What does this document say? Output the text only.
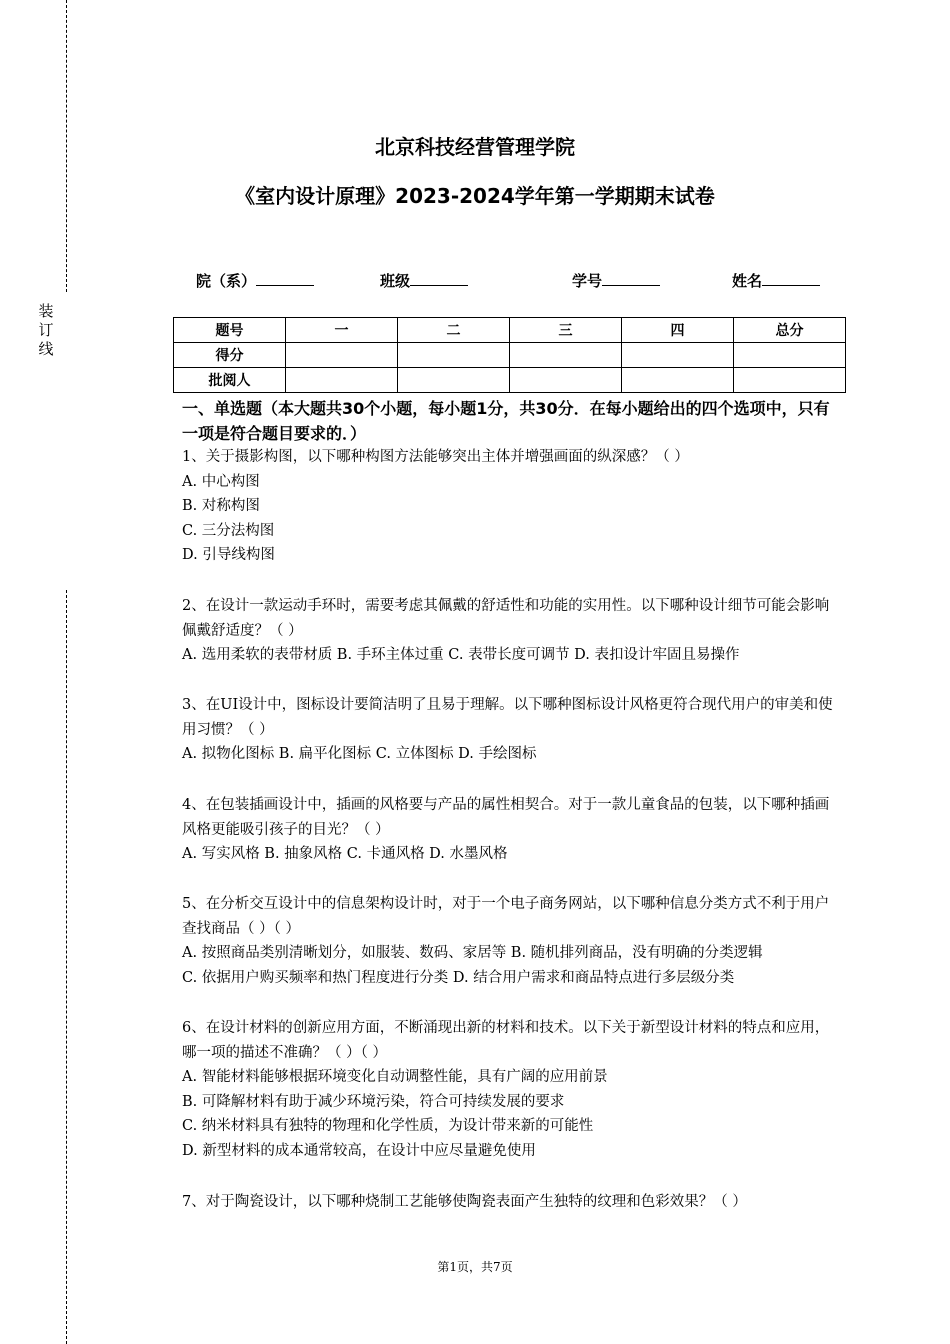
装
订
线
北京科技经营管理学院
《室内设计原理》2023-2024学年第一学期期末试卷
院（系）	班级	学号	姓名
题号	一	二	三	四	总分
得分					
批阅人					
一、单选题（本大题共30个小题，每小题1分，共30分．在每小题给出的四个选项中，只有一项是符合题目要求的．）

1、关于摄影构图，以下哪种构图方法能够突出主体并增强画面的纵深感？（ ）

A. 中心构图

B. 对称构图

C. 三分法构图

D. 引导线构图

2、在设计一款运动手环时，需要考虑其佩戴的舒适性和功能的实用性。以下哪种设计细节可能会影响佩戴舒适度？（ ）

A. 选用柔软的表带材质 B. 手环主体过重 C. 表带长度可调节 D. 表扣设计牢固且易操作

3、在UI设计中，图标设计要简洁明了且易于理解。以下哪种图标设计风格更符合现代用户的审美和使用习惯？（ ）

A. 拟物化图标 B. 扁平化图标 C. 立体图标 D. 手绘图标

4、在包装插画设计中，插画的风格要与产品的属性相契合。对于一款儿童食品的包装，以下哪种插画风格更能吸引孩子的目光？（ ）

A. 写实风格 B. 抽象风格 C. 卡通风格 D. 水墨风格

5、在分析交互设计中的信息架构设计时，对于一个电子商务网站，以下哪种信息分类方式不利于用户查找商品（ ）（ ）

A. 按照商品类别清晰划分，如服装、数码、家居等 B. 随机排列商品，没有明确的分类逻辑

C. 依据用户购买频率和热门程度进行分类 D. 结合用户需求和商品特点进行多层级分类

6、在设计材料的创新应用方面，不断涌现出新的材料和技术。以下关于新型设计材料的特点和应用，哪一项的描述不准确？（ ）（ ）

A. 智能材料能够根据环境变化自动调整性能，具有广阔的应用前景

B. 可降解材料有助于减少环境污染，符合可持续发展的要求

C. 纳米材料具有独特的物理和化学性质，为设计带来新的可能性

D. 新型材料的成本通常较高，在设计中应尽量避免使用

7、对于陶瓷设计，以下哪种烧制工艺能够使陶瓷表面产生独特的纹理和色彩效果？（ ）

第1页，共7页
